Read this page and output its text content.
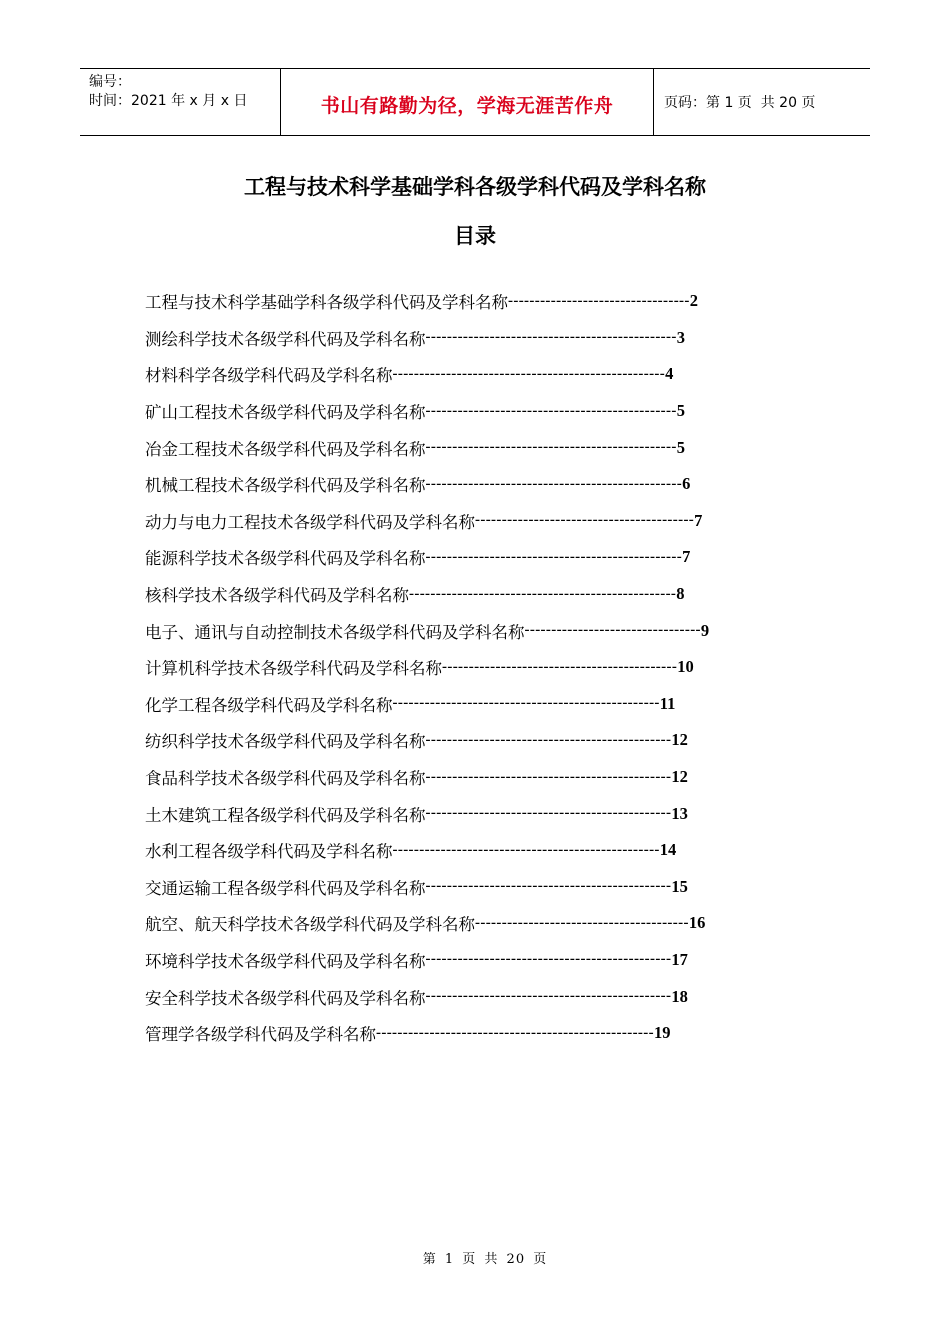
编号：
时间：2021 年 x 月 x 日	书山有路勤为径，学海无涯苦作舟	页码：第 1 页  共 20 页
工程与技术科学基础学科各级学科代码及学科名称
目录
工程与技术科学基础学科各级学科代码及学科名称 ---------------------------------- 2
测绘科学技术各级学科代码及学科名称 ----------------------------------------------- 3
材料科学各级学科代码及学科名称 --------------------------------------------------- 4
矿山工程技术各级学科代码及学科名称 ----------------------------------------------- 5
冶金工程技术各级学科代码及学科名称 ----------------------------------------------- 5
机械工程技术各级学科代码及学科名称 ------------------------------------------------ 6
动力与电力工程技术各级学科代码及学科名称 ----------------------------------------- 7
能源科学技术各级学科代码及学科名称 ------------------------------------------------ 7
核科学技术各级学科代码及学科名称 -------------------------------------------------- 8
电子、通讯与自动控制技术各级学科代码及学科名称 --------------------------------- 9
计算机科学技术各级学科代码及学科名称 -------------------------------------------- 10
化学工程各级学科代码及学科名称 -------------------------------------------------- 11
纺织科学技术各级学科代码及学科名称 ---------------------------------------------- 12
食品科学技术各级学科代码及学科名称 ---------------------------------------------- 12
土木建筑工程各级学科代码及学科名称 ---------------------------------------------- 13
水利工程各级学科代码及学科名称 -------------------------------------------------- 14
交通运输工程各级学科代码及学科名称 ---------------------------------------------- 15
航空、航天科学技术各级学科代码及学科名称 ---------------------------------------- 16
环境科学技术各级学科代码及学科名称 ---------------------------------------------- 17
安全科学技术各级学科代码及学科名称 ---------------------------------------------- 18
管理学各级学科代码及学科名称 ---------------------------------------------------- 19
第 1 页 共 20 页
